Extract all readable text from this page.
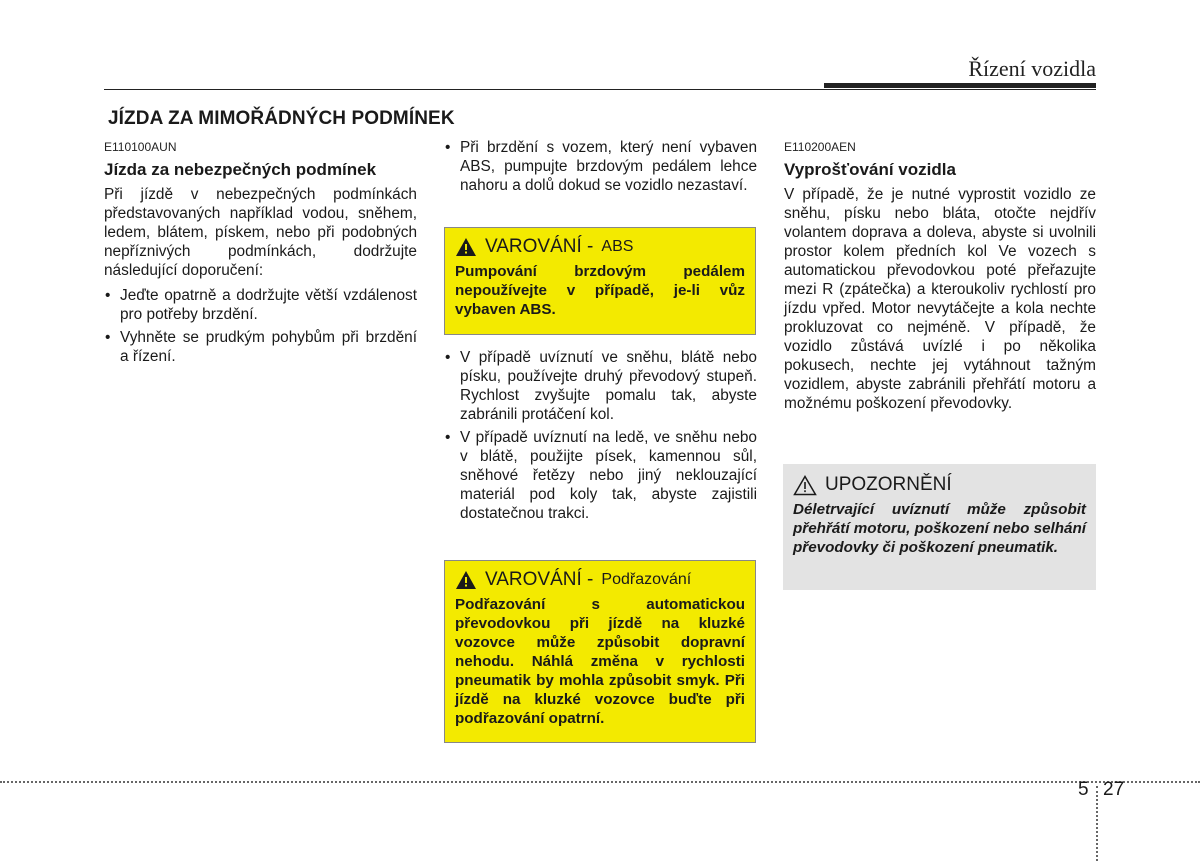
Řízení vozidla
JÍZDA ZA MIMOŘÁDNÝCH PODMÍNEK
E110100AUN
Jízda za nebezpečných podmínek
Při jízdě v nebezpečných podmínkách představovaných například vodou, sněhem, ledem, blátem, pískem, nebo při podobných nepříznivých podmínkách, dodržujte následující doporučení:
• Jeďte opatrně a dodržujte větší vzdálenost pro potřeby brzdění.
• Vyhněte se prudkým pohybům při brzdění a řízení.
• Při brzdění s vozem, který není vybaven ABS, pumpujte brzdovým pedálem lehce nahoru a dolů dokud se vozidlo nezastaví.
VAROVÁNÍ - ABS
Pumpování brzdovým pedálem nepoužívejte v případě, je-li vůz vybaven ABS.
• V případě uvíznutí ve sněhu, blátě nebo písku, používejte druhý převodový stupeň. Rychlost zvyšujte pomalu tak, abyste zabránili protáčení kol.
• V případě uvíznutí na ledě, ve sněhu nebo v blátě, použijte písek, kamennou sůl, sněhové řetězy nebo jiný neklouzající materiál pod koly tak, abyste zajistili dostatečnou trakci.
VAROVÁNÍ - Podřazování
Podřazování s automatickou převodovkou při jízdě na kluzké vozovce může způsobit dopravní nehodu. Náhlá změna v rychlosti pneumatik by mohla způsobit smyk. Při jízdě na kluzké vozovce buďte při podřazování opatrní.
E110200AEN
Vyprošťování vozidla
V případě, že je nutné vyprostit vozidlo ze sněhu, písku nebo bláta, otočte nejdřív volantem doprava a doleva, abyste si uvolnili prostor kolem předních kol Ve vozech s automatickou převodovkou poté přeřazujte mezi R (zpátečka) a kteroukoliv rychlostí pro jízdu vpřed. Motor nevytáčejte a kola nechte prokluzovat co nejméně. V případě, že vozidlo zůstává uvízlé i po několika pokusech, nechte jej vytáhnout tažným vozidlem, abyste zabránili přehřátí motoru a možnému poškození převodovky.
UPOZORNĚNÍ
Déletrvající uvíznutí může způsobit přehřátí motoru, poškození nebo selhání převodovky či poškození pneumatik.
5 27
